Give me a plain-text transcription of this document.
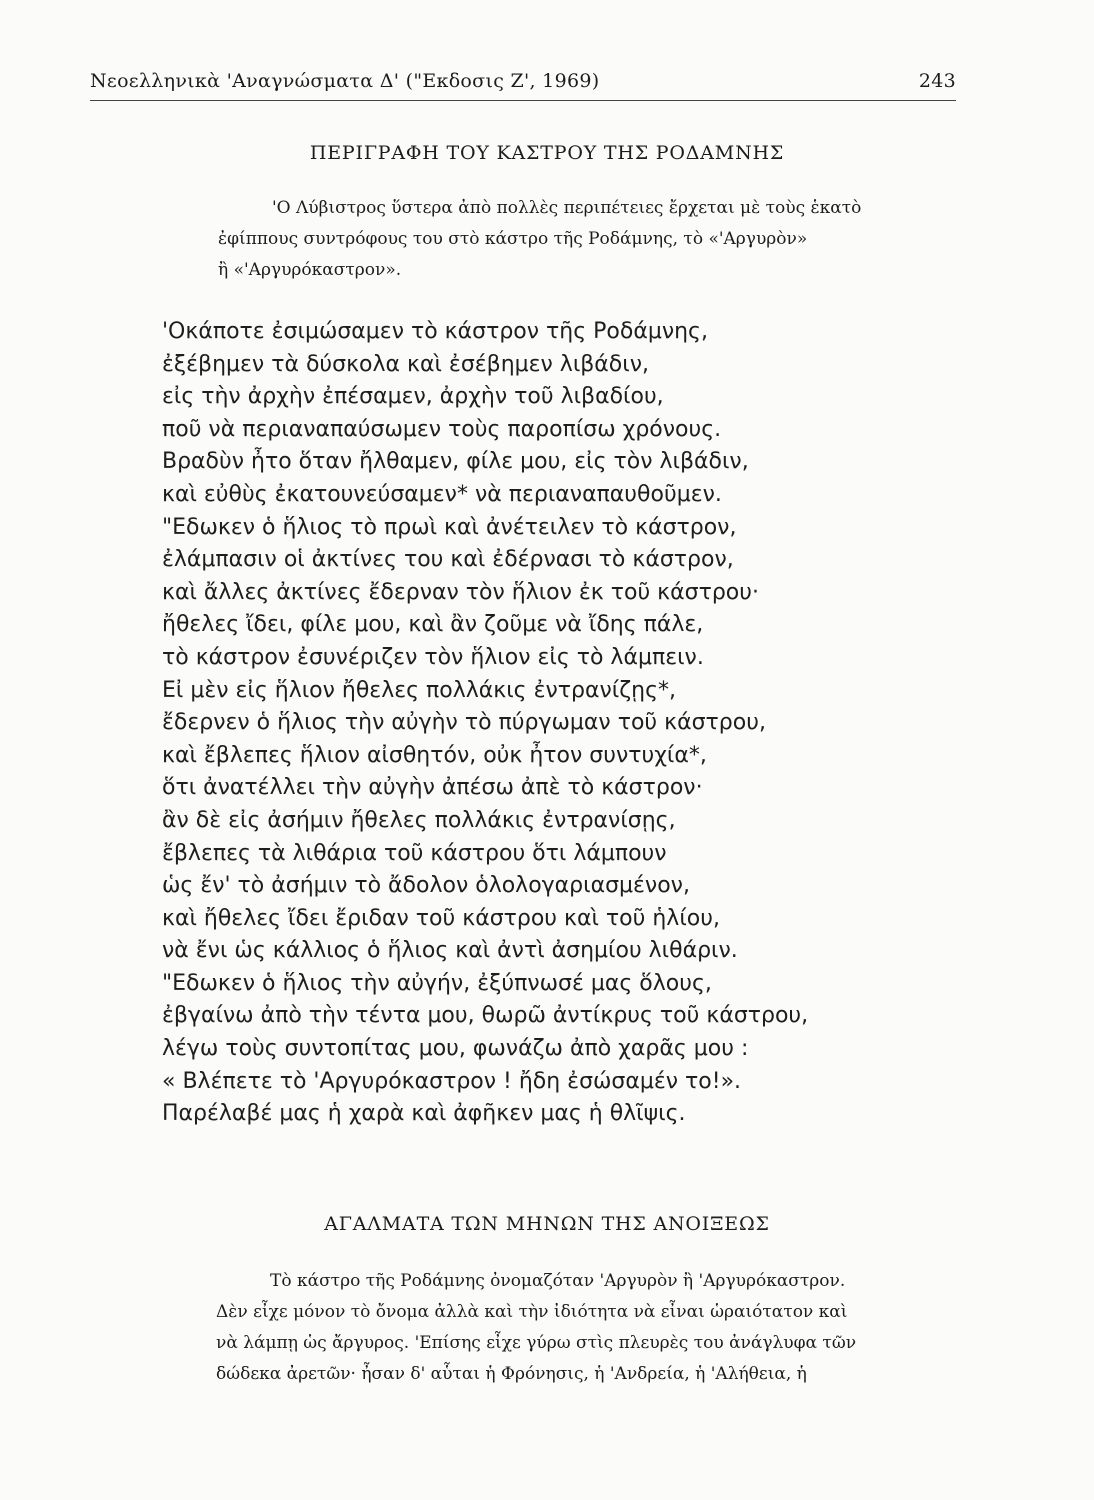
Νεοελληνικὰ 'Αναγνώσματα Δ' ("Εκδοσις Ζ', 1969)	243
ΠΕΡΙΓΡΑΦΗ ΤΟΥ ΚΑΣΤΡΟΥ ΤΗΣ ΡΟΔΑΜΝΗΣ
'Ο Λύβιστρος ὕστερα ἀπὸ πολλὲς περιπέτειες ἔρχεται μὲ τοὺς ἑκατὸ
ἐφίππους συντρόφους του στὸ κάστρο τῆς Ροδάμνης, τὸ «'Αργυρὸν»
ἢ «'Αργυρόκαστρον».
'Οκάποτε ἐσιμώσαμεν τὸ κάστρον τῆς Ροδάμνης,
ἐξέβημεν τὰ δύσκολα καὶ ἐσέβημεν λιβάδιν,
εἰς τὴν ἀρχὴν ἐπέσαμεν, ἀρχὴν τοῦ λιβαδίου,
ποῦ νὰ περιαναπαύσωμεν τοὺς παροπίσω χρόνους.
Βραδὺν ἦτο ὅταν ἤλθαμεν, φίλε μου, εἰς τὸν λιβάδιν,
καὶ εὐθὺς ἐκατουνεύσαμεν* νὰ περιαναπαυθοῦμεν.
"Εδωκεν ὁ ἥλιος τὸ πρωὶ καὶ ἀνέτειλεν τὸ κάστρον,
ἐλάμπασιν οἱ ἀκτίνες του καὶ ἐδέρνασι τὸ κάστρον,
καὶ ἄλλες ἀκτίνες ἔδερναν τὸν ἥλιον ἐκ τοῦ κάστρου·
ἤθελες ἴδει, φίλε μου, καὶ ἂν ζοῦμε νὰ ἴδης πάλε,
τὸ κάστρον ἐσυνέριζεν τὸν ἥλιον εἰς τὸ λάμπειν.
Εἰ μὲν εἰς ἥλιον ἤθελες πολλάκις ἐντρανίζῃς*,
ἔδερνεν ὁ ἥλιος τὴν αὐγὴν τὸ πύργωμαν τοῦ κάστρου,
καὶ ἔβλεπες ἥλιον αἰσθητόν, οὐκ ἦτον συντυχία*,
ὅτι ἀνατέλλει τὴν αὐγὴν ἀπέσω ἀπὲ τὸ κάστρον·
ἂν δὲ εἰς ἀσήμιν ἤθελες πολλάκις ἐντρανίσῃς,
ἔβλεπες τὰ λιθάρια τοῦ κάστρου ὅτι λάμπουν
ὡς ἔν' τὸ ἀσήμιν τὸ ἄδολον ὁλολογαριασμένον,
καὶ ἤθελες ἴδει ἔριδαν τοῦ κάστρου καὶ τοῦ ἡλίου,
νὰ ἔνι ὡς κάλλιος ὁ ἥλιος καὶ ἀντὶ ἀσημίου λιθάριν.
"Εδωκεν ὁ ἥλιος τὴν αὐγήν, ἐξύπνωσέ μας ὅλους,
ἐβγαίνω ἀπὸ τὴν τέντα μου, θωρῶ ἀντίκρυς τοῦ κάστρου,
λέγω τοὺς συντοπίτας μου, φωνάζω ἀπὸ χαρᾶς μου :
« Βλέπετε τὸ 'Αργυρόκαστρον ! ἤδη ἐσώσαμέν το!».
Παρέλαβέ μας ἡ χαρὰ καὶ ἀφῆκεν μας ἡ θλῖψις.
ΑΓΑΛΜΑΤΑ ΤΩΝ ΜΗΝΩΝ ΤΗΣ ΑΝΟΙΞΕΩΣ
Τὸ κάστρο τῆς Ροδάμνης ὀνομαζόταν 'Αργυρὸν ἢ 'Αργυρόκαστρον.
Δὲν εἶχε μόνον τὸ ὄνομα ἀλλὰ καὶ τὴν ἰδιότητα νὰ εἶναι ὡραιότατον καὶ
νὰ λάμπῃ ὡς ἄργυρος. 'Επίσης εἶχε γύρω στὶς πλευρὲς του ἀνάγλυφα τῶν
δώδεκα ἀρετῶν· ἦσαν δ' αὗται ἡ Φρόνησις, ἡ 'Ανδρεία, ἡ 'Αλήθεια, ἡ
